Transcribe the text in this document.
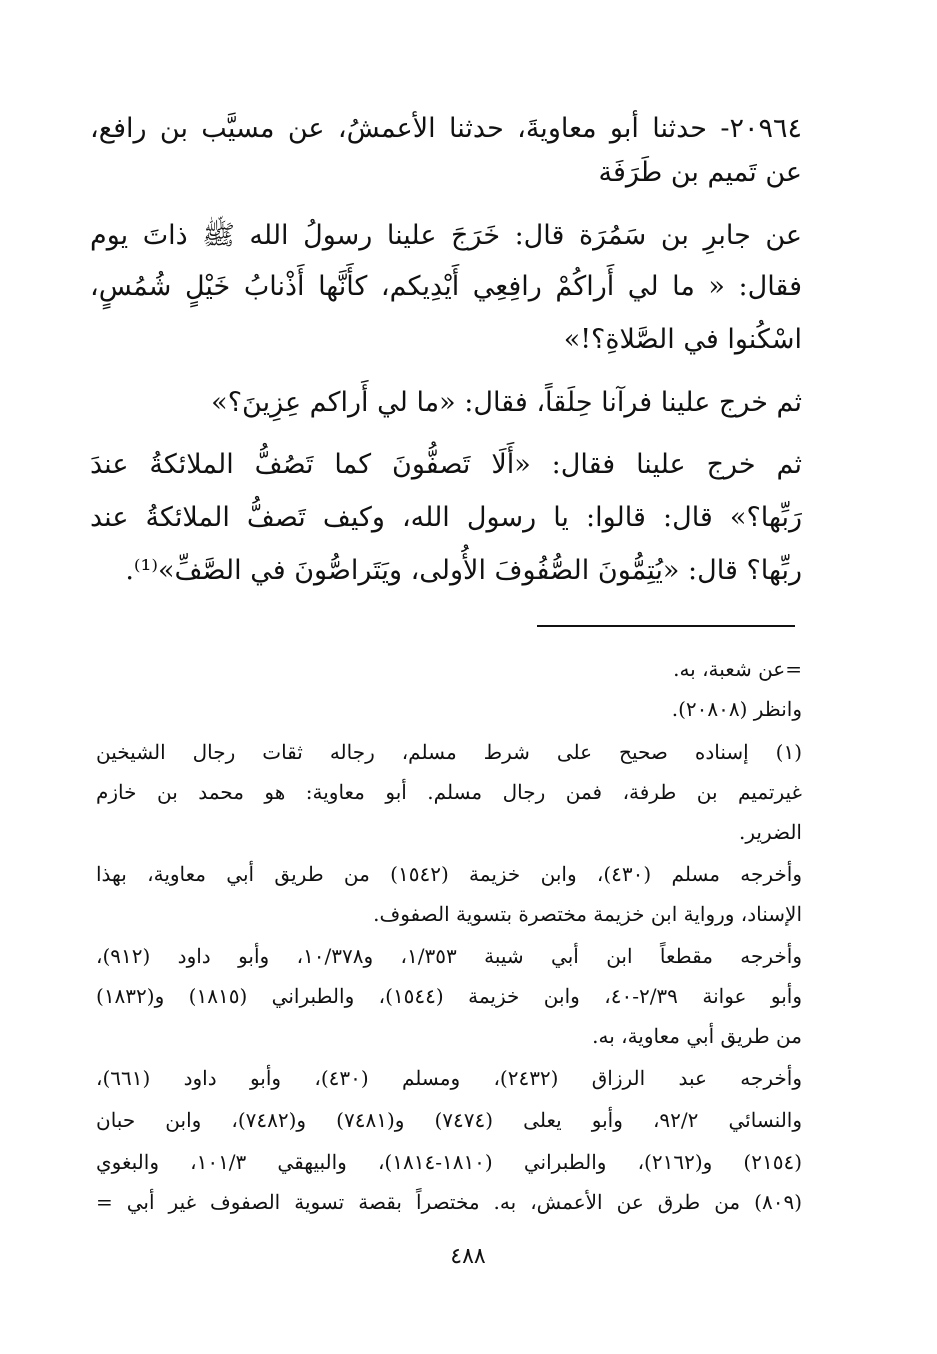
٢٠٩٦٤- حدثنا أبو معاويةَ، حدثنا الأعمشُ، عن مسيَّب بن رافع،
عن تَميم بن طَرَفَة
عن جابرِ بن سَمُرَة قال: خَرَجَ علينا رسولُ الله ﷺ ذاتَ يوم
فقال: « ما لي أَراكُمْ رافِعِي أَيْدِيكم، كأَنَّها أَذْنابُ خَيْلٍ شُمُسٍ،
اسْكُنوا في الصَّلاةِ؟!»
ثم خرج علينا فرآنا حِلَقاً، فقال: «ما لي أَراكم عِزِينَ؟»
ثم خرج علينا فقال: «أَلَا تَصفُّونَ كما تَصُفُّ الملائكةُ عندَ
رَبِّها؟» قال: قالوا: يا رسول الله، وكيف تَصفُّ الملائكةُ عند
ربِّها؟ قال: «يُتِمُّونَ الصُّفُوفَ الأُولى، ويَتَراصُّونَ في الصَّفِّ»⁽¹⁾.
=عن شعبة، به.
وانظر (٢٠٨٠٨).
(١) إسناده صحيح على شرط مسلم، رجاله ثقات رجال الشيخين
غيرتميم بن طرفة، فمن رجال مسلم. أبو معاوية: هو محمد بن خازم
الضرير.
وأخرجه مسلم (٤٣٠)، وابن خزيمة (١٥٤٢) من طريق أبي معاوية، بهذا
الإسناد، ورواية ابن خزيمة مختصرة بتسوية الصفوف.
وأخرجه مقطعاً ابن أبي شيبة ١/٣٥٣، و١٠/٣٧٨، وأبو داود (٩١٢)،
وأبو عوانة ٢/٣٩-٤٠، وابن خزيمة (١٥٤٤)، والطبراني (١٨١٥) و(١٨٣٢)
من طريق أبي معاوية، به.
وأخرجه عبد الرزاق (٢٤٣٢)، ومسلم (٤٣٠)، وأبو داود (٦٦١)،
والنسائي ٩٢/٢، وأبو يعلى (٧٤٧٤) و(٧٤٨١) و(٧٤٨٢)، وابن حبان
(٢١٥٤) و(٢١٦٢)، والطبراني (١٨١٠-١٨١٤)، والبيهقي ١٠١/٣، والبغوي
(٨٠٩) من طرق عن الأعمش، به. مختصراً بقصة تسوية الصفوف غير أبي =
٤٨٨
